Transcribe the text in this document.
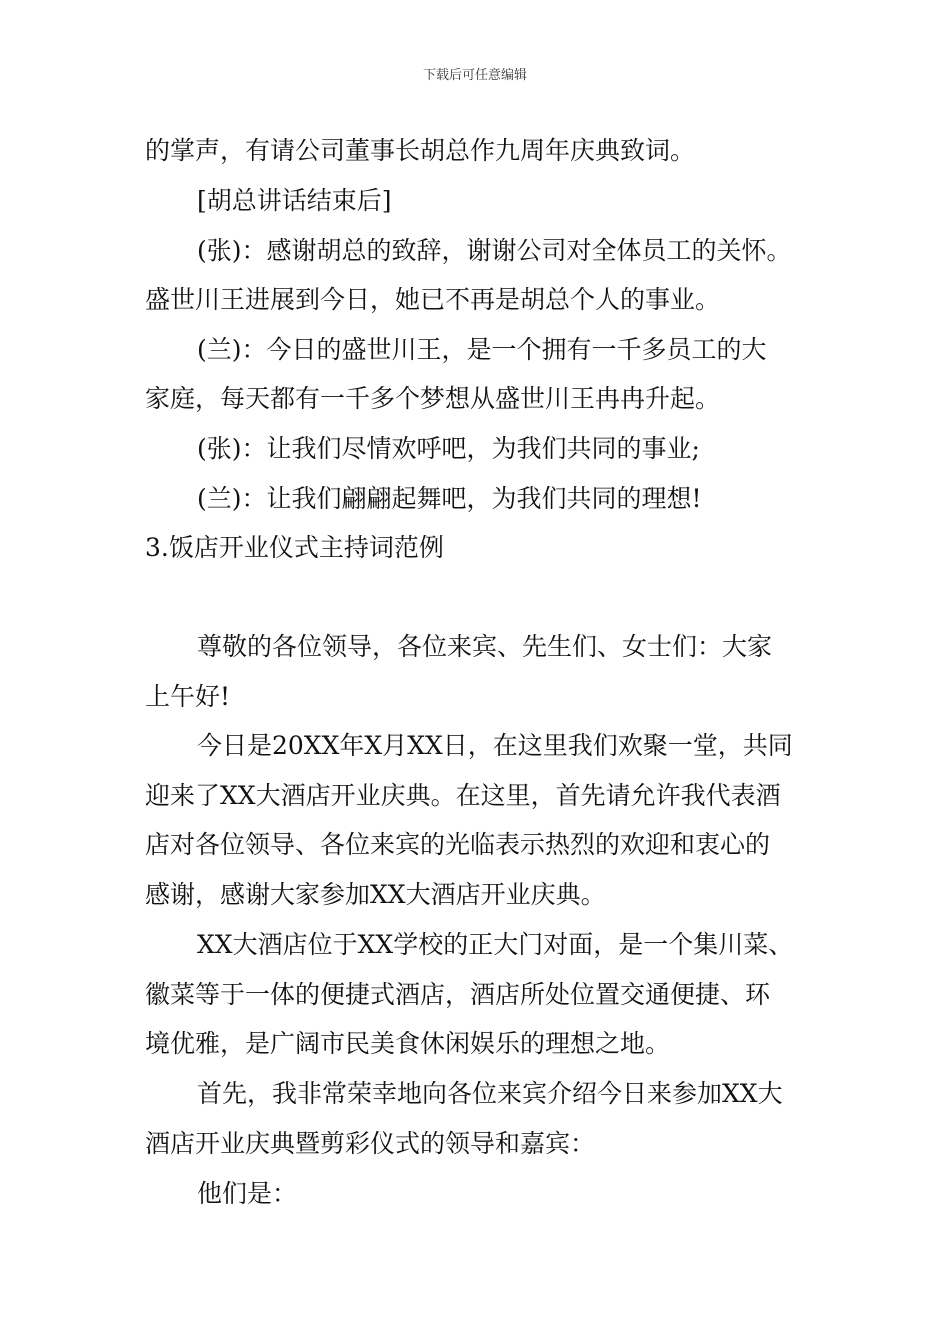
下载后可任意编辑
的掌声，有请公司董事长胡总作九周年庆典致词。
[胡总讲话结束后]
(张)：感谢胡总的致辞，谢谢公司对全体员工的关怀。
盛世川王进展到今日，她已不再是胡总个人的事业。
(兰)：今日的盛世川王，是一个拥有一千多员工的大
家庭，每天都有一千多个梦想从盛世川王冉冉升起。
(张)：让我们尽情欢呼吧，为我们共同的事业;
(兰)：让我们翩翩起舞吧，为我们共同的理想!
3.饭店开业仪式主持词范例
尊敬的各位领导，各位来宾、先生们、女士们：大家
上午好!
今日是20XX年X月XX日，在这里我们欢聚一堂，共同
迎来了XX大酒店开业庆典。在这里，首先请允许我代表酒
店对各位领导、各位来宾的光临表示热烈的欢迎和衷心的
感谢，感谢大家参加XX大酒店开业庆典。
XX大酒店位于XX学校的正大门对面，是一个集川菜、
徽菜等于一体的便捷式酒店，酒店所处位置交通便捷、环
境优雅，是广阔市民美食休闲娱乐的理想之地。
首先，我非常荣幸地向各位来宾介绍今日来参加XX大
酒店开业庆典暨剪彩仪式的领导和嘉宾：
他们是：
